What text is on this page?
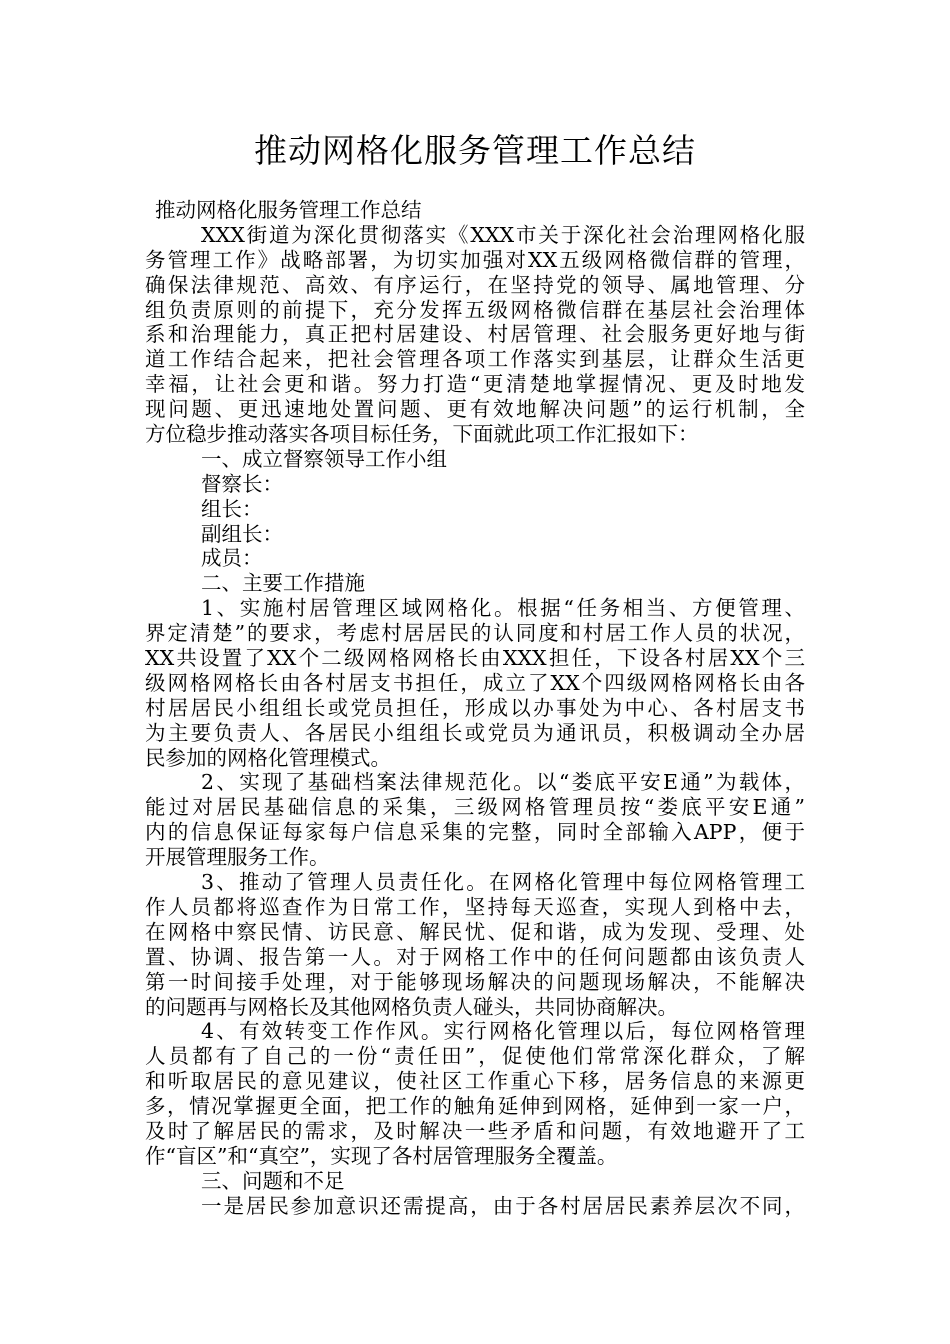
推动网格化服务管理工作总结
推动网格化服务管理工作总结
XXX街道为深化贯彻落实《XXX市关于深化社会治理网格化服
务管理工作》战略部署，为切实加强对XX五级网格微信群的管理，
确保法律规范、高效、有序运行，在坚持党的领导、属地管理、分
组负责原则的前提下，充分发挥五级网格微信群在基层社会治理体
系和治理能力，真正把村居建设、村居管理、社会服务更好地与街
道工作结合起来，把社会管理各项工作落实到基层，让群众生活更
幸福，让社会更和谐。努力打造“更清楚地掌握情况、更及时地发
现问题、更迅速地处置问题、更有效地解决问题”的运行机制，全
方位稳步推动落实各项目标任务，下面就此项工作汇报如下：
一、成立督察领导工作小组
督察长：
组长：
副组长：
成员：
二、主要工作措施
1、实施村居管理区域网格化。根据“任务相当、方便管理、
界定清楚”的要求，考虑村居居民的认同度和村居工作人员的状况，
XX共设置了XX个二级网格网格长由XXX担任，下设各村居XX个三
级网格网格长由各村居支书担任，成立了XX个四级网格网格长由各
村居居民小组组长或党员担任，形成以办事处为中心、各村居支书
为主要负责人、各居民小组组长或党员为通讯员，积极调动全办居
民参加的网格化管理模式。
2、实现了基础档案法律规范化。以“娄底平安E通”为载体，
能过对居民基础信息的采集，三级网格管理员按“娄底平安E通”
内的信息保证每家每户信息采集的完整，同时全部输入APP，便于
开展管理服务工作。
3、推动了管理人员责任化。在网格化管理中每位网格管理工
作人员都将巡查作为日常工作，坚持每天巡查，实现人到格中去，
在网格中察民情、访民意、解民忧、促和谐，成为发现、受理、处
置、协调、报告第一人。对于网格工作中的任何问题都由该负责人
第一时间接手处理，对于能够现场解决的问题现场解决，不能解决
的问题再与网格长及其他网格负责人碰头，共同协商解决。
4、有效转变工作作风。实行网格化管理以后，每位网格管理
人员都有了自己的一份“责任田”，促使他们常常深化群众，了解
和听取居民的意见建议，使社区工作重心下移，居务信息的来源更
多，情况掌握更全面，把工作的触角延伸到网格，延伸到一家一户，
及时了解居民的需求，及时解决一些矛盾和问题，有效地避开了工
作“盲区”和“真空”，实现了各村居管理服务全覆盖。
三、问题和不足
一是居民参加意识还需提高，由于各村居居民素养层次不同，
